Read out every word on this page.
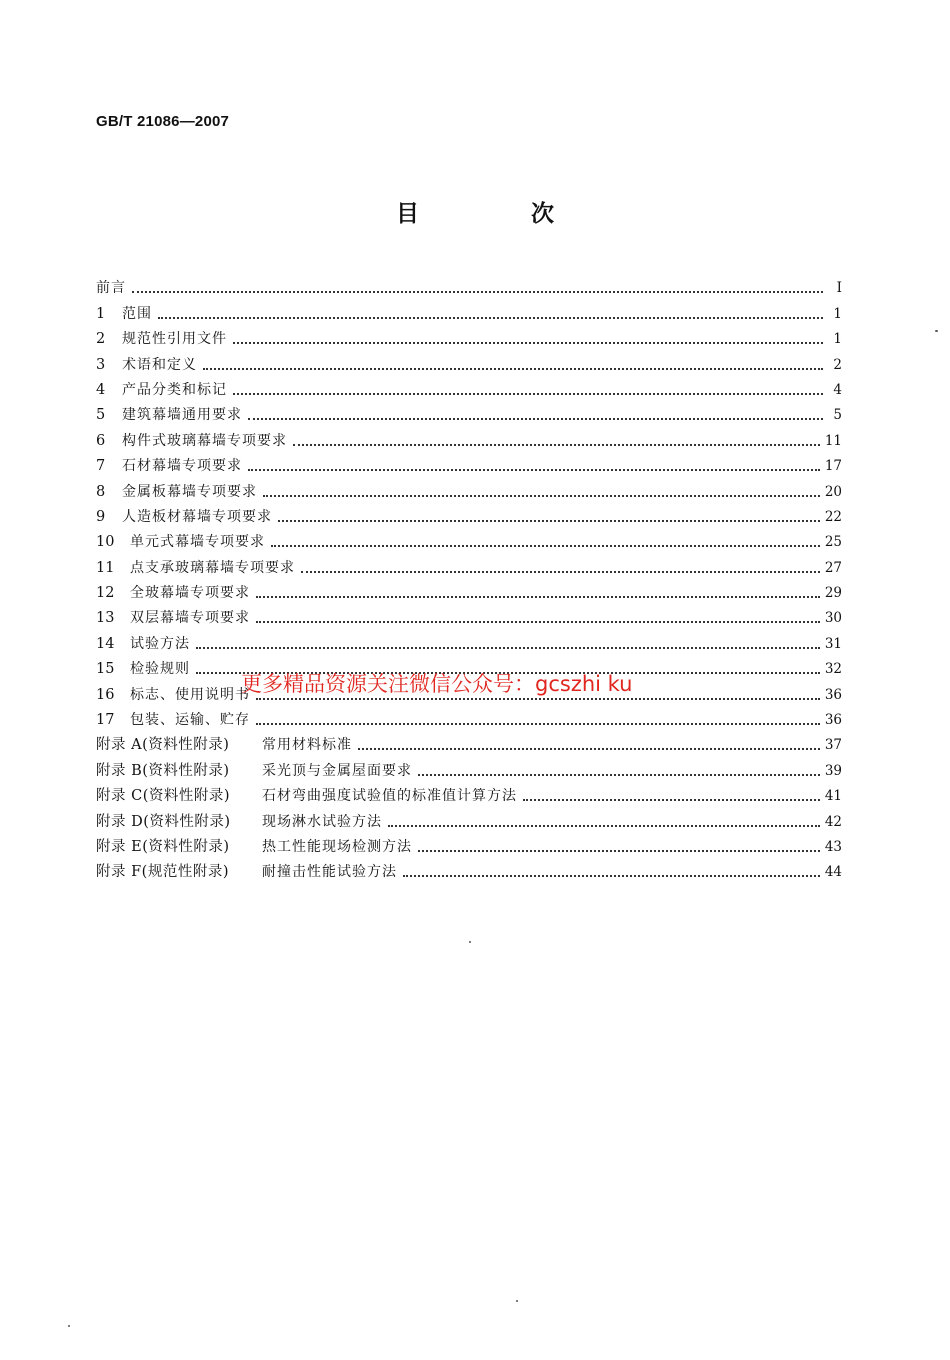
GB/T 21086—2007
目 次
前言	I
1	范围	1
2	规范性引用文件	1
3	术语和定义	2
4	产品分类和标记	4
5	建筑幕墙通用要求	5
6	构件式玻璃幕墙专项要求	11
7	石材幕墙专项要求	17
8	金属板幕墙专项要求	20
9	人造板材幕墙专项要求	22
10	单元式幕墙专项要求	25
11	点支承玻璃幕墙专项要求	27
12	全玻幕墙专项要求	29
13	双层幕墙专项要求	30
14	试验方法	31
15	检验规则	32
16	标志、使用说明书	36
17	包装、运输、贮存	36
附录 A(资料性附录)	常用材料标准	37
附录 B(资料性附录)	采光顶与金属屋面要求	39
附录 C(资料性附录)	石材弯曲强度试验值的标准值计算方法	41
附录 D(资料性附录)	现场淋水试验方法	42
附录 E(资料性附录)	热工性能现场检测方法	43
附录 F(规范性附录)	耐撞击性能试验方法	44
更多精品资源关注微信公众号：gcszhi ku
